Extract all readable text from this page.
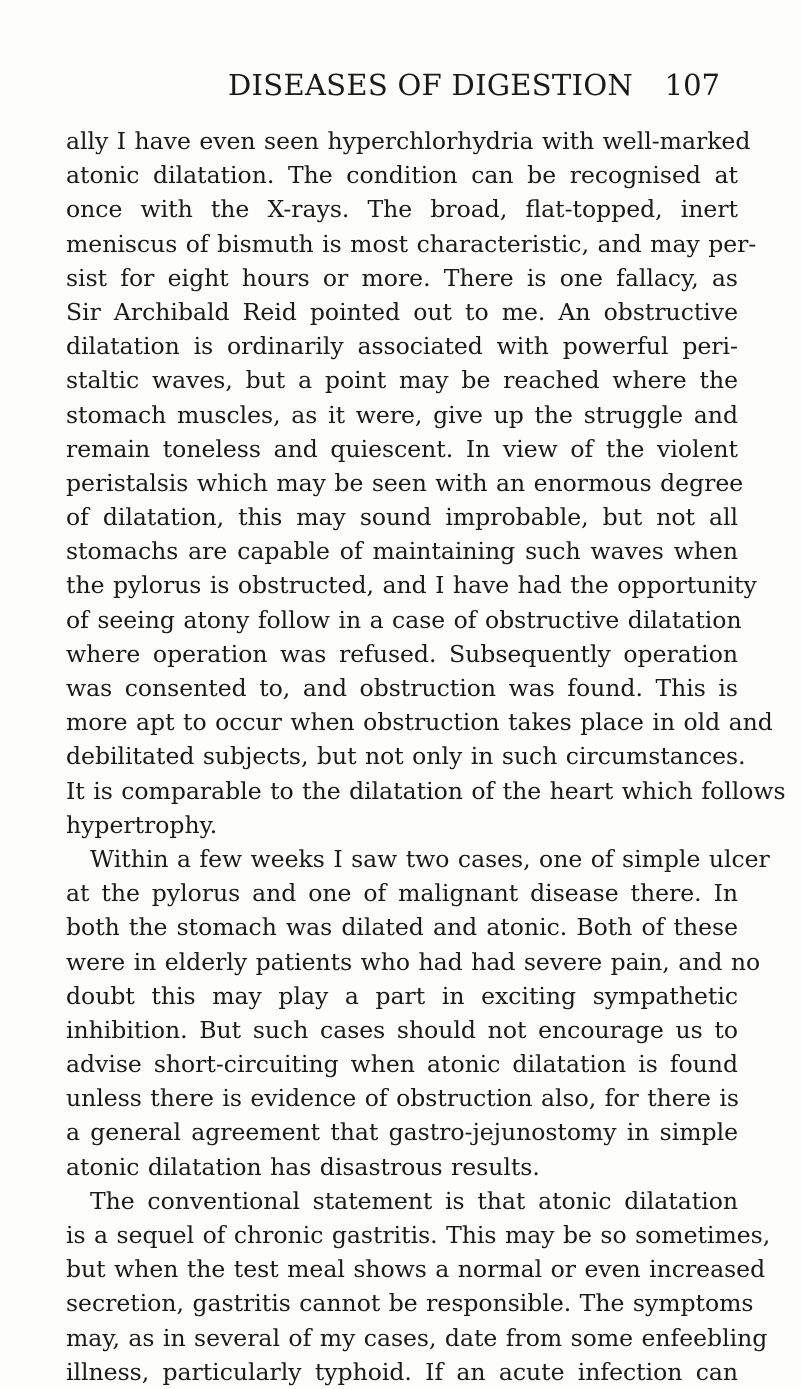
DISEASES OF DIGESTION 107
ally I have even seen hyperchlorhydria with well-marked
atonic dilatation. The condition can be recognised at
once with the X-rays. The broad, flat-topped, inert
meniscus of bismuth is most characteristic, and may per-
sist for eight hours or more. There is one fallacy, as
Sir Archibald Reid pointed out to me. An obstructive
dilatation is ordinarily associated with powerful peri-
staltic waves, but a point may be reached where the
stomach muscles, as it were, give up the struggle and
remain toneless and quiescent. In view of the violent
peristalsis which may be seen with an enormous degree
of dilatation, this may sound improbable, but not all
stomachs are capable of maintaining such waves when
the pylorus is obstructed, and I have had the opportunity
of seeing atony follow in a case of obstructive dilatation
where operation was refused. Subsequently operation
was consented to, and obstruction was found. This is
more apt to occur when obstruction takes place in old and
debilitated subjects, but not only in such circumstances.
It is comparable to the dilatation of the heart which follows
hypertrophy.
Within a few weeks I saw two cases, one of simple ulcer
at the pylorus and one of malignant disease there. In
both the stomach was dilated and atonic. Both of these
were in elderly patients who had had severe pain, and no
doubt this may play a part in exciting sympathetic
inhibition. But such cases should not encourage us to
advise short-circuiting when atonic dilatation is found
unless there is evidence of obstruction also, for there is
a general agreement that gastro-jejunostomy in simple
atonic dilatation has disastrous results.
The conventional statement is that atonic dilatation
is a sequel of chronic gastritis. This may be so sometimes,
but when the test meal shows a normal or even increased
secretion, gastritis cannot be responsible. The symptoms
may, as in several of my cases, date from some enfeebling
illness, particularly typhoid. If an acute infection can
